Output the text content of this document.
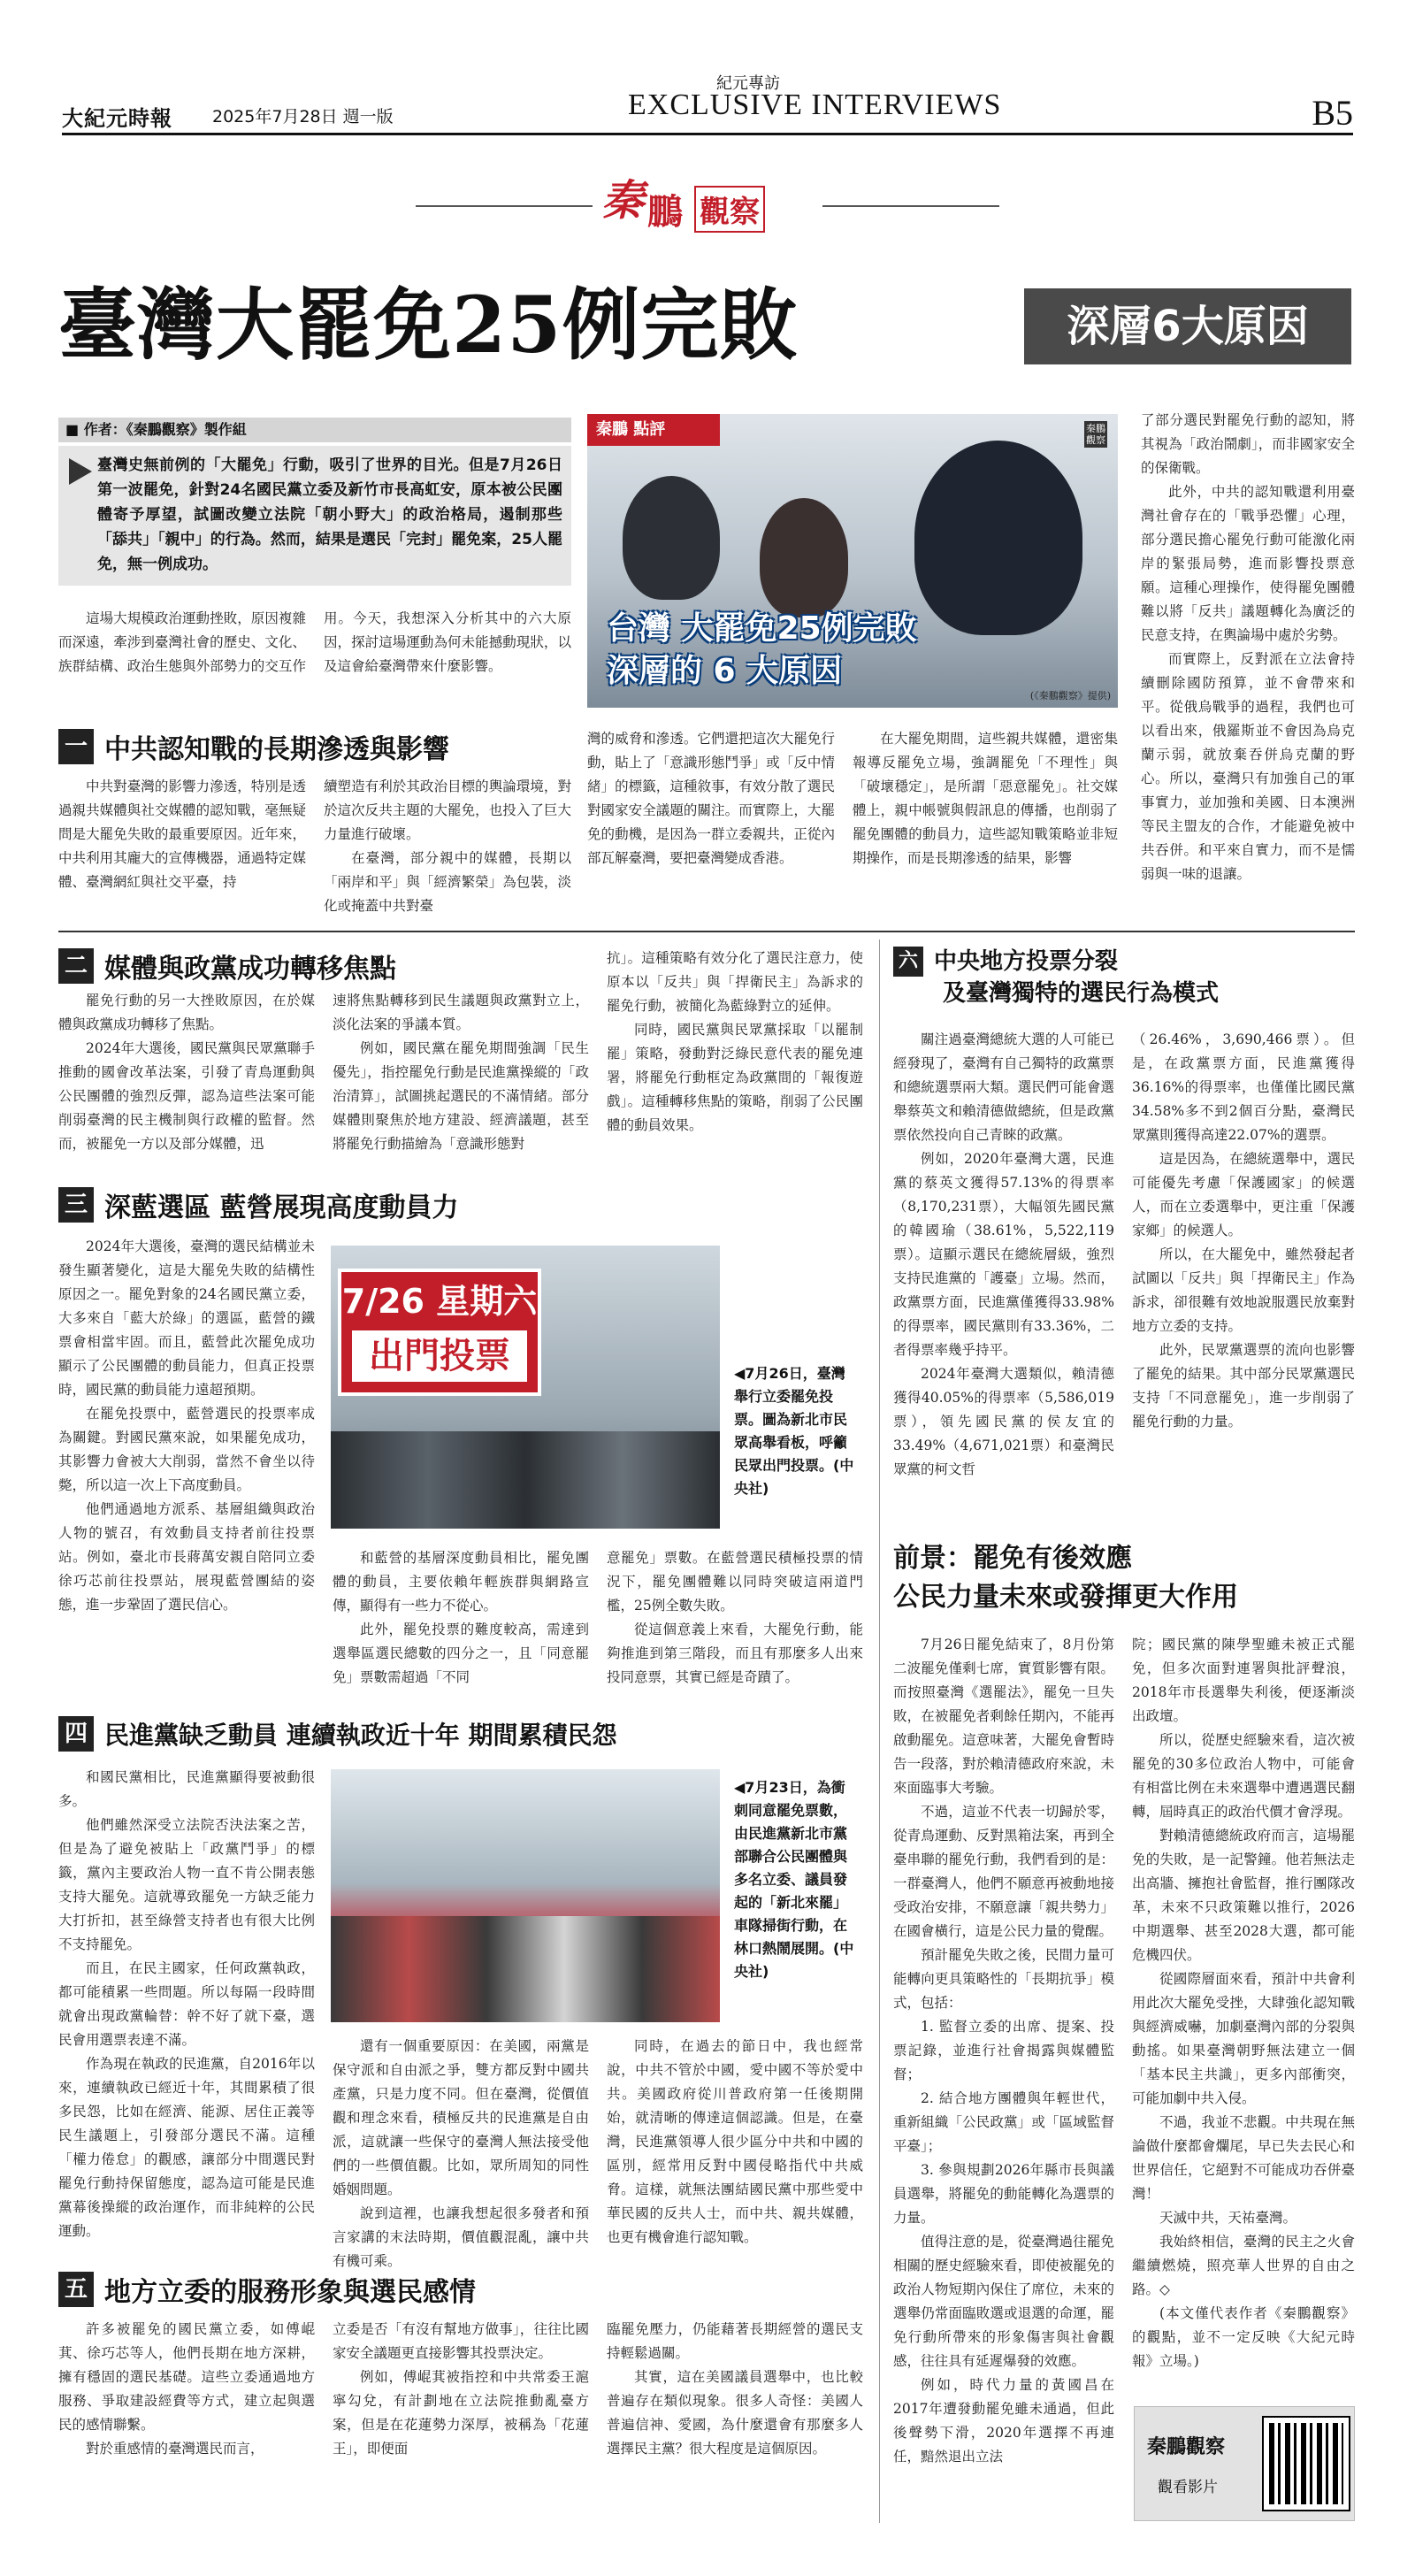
大紀元時報 2025年7月28日 週一版
紀元專訪
EXCLUSIVE INTERVIEWS	B5
秦 鵬 觀察
臺灣大罷免25例完敗	深層6大原因
■ 作者：《秦鵬觀察》製作組
臺灣史無前例的「大罷免」行動，吸引了世界的目光。但是7月26日第一波罷免，針對24名國民黨立委及新竹市長高虹安，原本被公民團體寄予厚望，試圖改變立法院「朝小野大」的政治格局，遏制那些「舔共」「親中」的行為。然而，結果是選民「完封」罷免案，25人罷免，無一例成功。

這場大規模政治運動挫敗，原因複雜而深遠，牽涉到臺灣社會的歷史、文化、族群結構、政治生態與外部勢力的交互作用。今天，我想深入分析其中的六大原因，探討這場運動為何未能撼動現狀，以及這會給臺灣帶來什麼影響。

秦鵬 點評	秦鵬觀察
台灣 大罷免25例完敗
深層的 6 大原因
(《秦鵬觀察》提供)

了部分選民對罷免行動的認知，將其視為「政治鬧劇」，而非國家安全的保衛戰。

此外，中共的認知戰還利用臺灣社會存在的「戰爭恐懼」心理，部分選民擔心罷免行動可能激化兩岸的緊張局勢，進而影響投票意願。這種心理操作，使得罷免團體難以將「反共」議題轉化為廣泛的民意支持，在輿論場中處於劣勢。

而實際上，反對派在立法會持續刪除國防預算，並不會帶來和平。從俄烏戰爭的過程，我們也可以看出來，俄羅斯並不會因為烏克蘭示弱，就放棄吞併烏克蘭的野心。所以，臺灣只有加強自己的軍事實力，並加強和美國、日本澳洲等民主盟友的合作，才能避免被中共吞併。和平來自實力，而不是懦弱與一味的退讓。

一 中共認知戰的長期滲透與影響

中共對臺灣的影響力滲透，特別是透過親共媒體與社交媒體的認知戰，毫無疑問是大罷免失敗的最重要原因。近年來，中共利用其龐大的宣傳機器，通過特定媒體、臺灣網紅與社交平臺，持

續塑造有利於其政治目標的輿論環境，對於這次反共主題的大罷免，也投入了巨大力量進行破壞。

在臺灣，部分親中的媒體，長期以「兩岸和平」與「經濟繁榮」為包裝，淡化或掩蓋中共對臺

灣的威脅和滲透。它們還把這次大罷免行動，貼上了「意識形態鬥爭」或「反中情緒」的標籤，這種敘事，有效分散了選民對國家安全議題的關注。而實際上，大罷免的動機，是因為一群立委親共，正從內部瓦解臺灣，要把臺灣變成香港。

在大罷免期間，這些親共媒體，還密集報導反罷免立場，強調罷免「不理性」與「破壞穩定」，是所謂「惡意罷免」。社交媒體上，親中帳號與假訊息的傳播，也削弱了罷免團體的動員力，這些認知戰策略並非短期操作，而是長期滲透的結果，影響

二 媒體與政黨成功轉移焦點

罷免行動的另一大挫敗原因，在於媒體與政黨成功轉移了焦點。

2024年大選後，國民黨與民眾黨聯手推動的國會改革法案，引發了青鳥運動與公民團體的強烈反彈，認為這些法案可能削弱臺灣的民主機制與行政權的監督。然而，被罷免一方以及部分媒體，迅

速將焦點轉移到民生議題與政黨對立上，淡化法案的爭議本質。

例如，國民黨在罷免期間強調「民生優先」，指控罷免行動是民進黨操縱的「政治清算」，試圖挑起選民的不滿情緒。部分媒體則聚焦於地方建設、經濟議題，甚至將罷免行動描繪為「意識形態對

抗」。這種策略有效分化了選民注意力，使原本以「反共」與「捍衛民主」為訴求的罷免行動，被簡化為藍綠對立的延伸。

同時，國民黨與民眾黨採取「以罷制罷」策略，發動對泛綠民意代表的罷免連署，將罷免行動框定為政黨間的「報復遊戲」。這種轉移焦點的策略，削弱了公民團體的動員效果。

三 深藍選區 藍營展現高度動員力

2024年大選後，臺灣的選民結構並未發生顯著變化，這是大罷免失敗的結構性原因之一。罷免對象的24名國民黨立委，大多來自「藍大於綠」的選區，藍營的鐵票會相當牢固。而且，藍營此次罷免成功顯示了公民團體的動員能力，但真正投票時，國民黨的動員能力遠超預期。

在罷免投票中，藍營選民的投票率成為關鍵。對國民黨來說，如果罷免成功，其影響力會被大大削弱，當然不會坐以待斃，所以這一次上下高度動員。

他們通過地方派系、基層組織與政治人物的號召，有效動員支持者前往投票站。例如，臺北市長蔣萬安親自陪同立委徐巧芯前往投票站，展現藍營團結的姿態，進一步鞏固了選民信心。

7/26 星期六
出門投票	◀7月26日，臺灣舉行立委罷免投票。圖為新北市民眾高舉看板，呼籲民眾出門投票。(中央社)

和藍營的基層深度動員相比，罷免團體的動員，主要依賴年輕族群與網路宣傳，顯得有一些力不從心。

此外，罷免投票的難度較高，需達到選舉區選民總數的四分之一，且「同意罷免」票數需超過「不同

意罷免」票數。在藍營選民積極投票的情況下，罷免團體難以同時突破這兩道門檻，25例全數失敗。

從這個意義上來看，大罷免行動，能夠推進到第三階段，而且有那麼多人出來投同意票，其實已經是奇蹟了。

四 民進黨缺乏動員 連續執政近十年 期間累積民怨

和國民黨相比，民進黨顯得要被動很多。

他們雖然深受立法院否決法案之苦，但是為了避免被貼上「政黨鬥爭」的標籤，黨內主要政治人物一直不肯公開表態支持大罷免。這就導致罷免一方缺乏能力大打折扣，甚至綠營支持者也有很大比例不支持罷免。

而且，在民主國家，任何政黨執政，都可能積累一些問題。所以每隔一段時間就會出現政黨輪替：幹不好了就下臺，選民會用選票表達不滿。

作為現在執政的民進黨，自2016年以來，連續執政已經近十年，其間累積了很多民怨，比如在經濟、能源、居住正義等民生議題上，引發部分選民不滿。這種「權力倦怠」的觀感，讓部分中間選民對罷免行動持保留態度，認為這可能是民進黨幕後操縱的政治運作，而非純粹的公民運動。

◀7月23日，為衝刺同意罷免票數，由民進黨新北市黨部聯合公民團體與多名立委、議員發起的「新北來罷」車隊掃街行動，在林口熱鬧展開。(中央社)

還有一個重要原因：在美國，兩黨是保守派和自由派之爭，雙方都反對中國共產黨，只是力度不同。但在臺灣，從價值觀和理念來看，積極反共的民進黨是自由派，這就讓一些保守的臺灣人無法接受他們的一些價值觀。比如，眾所周知的同性婚姻問題。

說到這裡，也讓我想起很多發者和預言家講的末法時期，價值觀混亂，讓中共有機可乘。

同時，在過去的節日中，我也經常說，中共不管於中國，愛中國不等於愛中共。美國政府從川普政府第一任後期開始，就清晰的傳達這個認識。但是，在臺灣，民進黨領導人很少區分中共和中國的區別，經常用反對中國侵略指代中共威脅。這樣，就無法團結國民黨中那些愛中華民國的反共人士，而中共、親共媒體，也更有機會進行認知戰。

五 地方立委的服務形象與選民感情

許多被罷免的國民黨立委，如傅崐萁、徐巧芯等人，他們長期在地方深耕，擁有穩固的選民基礎。這些立委通過地方服務、爭取建設經費等方式，建立起與選民的感情聯繫。

對於重感情的臺灣選民而言，

立委是否「有沒有幫地方做事」，往往比國家安全議題更直接影響其投票決定。

例如，傅崐萁被指控和中共常委王滬寧勾兌，有計劃地在立法院推動亂臺方案，但是在花蓮勢力深厚，被稱為「花蓮王」，即便面

臨罷免壓力，仍能藉著長期經營的選民支持輕鬆過關。

其實，這在美國議員選舉中，也比較普遍存在類似現象。很多人奇怪：美國人普遍信神、愛國，為什麼還會有那麼多人選擇民主黨？很大程度是這個原因。

六 中央地方投票分裂
及臺灣獨特的選民行為模式

關注過臺灣總統大選的人可能已經發現了，臺灣有自己獨特的政黨票和總統選票兩大類。選民們可能會選舉蔡英文和賴清德做總統，但是政黨票依然投向自己青睞的政黨。

例如，2020年臺灣大選，民進黨的蔡英文獲得57.13%的得票率（8,170,231票），大幅領先國民黨的韓國瑜（38.61%，5,522,119票）。這顯示選民在總統層級，強烈支持民進黨的「護臺」立場。然而，政黨票方面，民進黨僅獲得33.98%的得票率，國民黨則有33.36%，二者得票率幾乎持平。

2024年臺灣大選類似，賴清德獲得40.05%的得票率（5,586,019票），領先國民黨的侯友宜的33.49%（4,671,021票）和臺灣民眾黨的柯文哲

（26.46%，3,690,466票）。但是，在政黨票方面，民進黨獲得36.16%的得票率，也僅僅比國民黨34.58%多不到2個百分點，臺灣民眾黨則獲得高達22.07%的選票。

這是因為，在總統選舉中，選民可能優先考慮「保護國家」的候選人，而在立委選舉中，更注重「保護家鄉」的候選人。

所以，在大罷免中，雖然發起者試圖以「反共」與「捍衛民主」作為訴求，卻很難有效地說服選民放棄對地方立委的支持。

此外，民眾黨選票的流向也影響了罷免的結果。其中部分民眾黨選民支持「不同意罷免」，進一步削弱了罷免行動的力量。

前景：罷免有後效應
公民力量未來或發揮更大作用

7月26日罷免結束了，8月份第二波罷免僅剩七席，實質影響有限。而按照臺灣《選罷法》，罷免一旦失敗，在被罷免者剩餘任期內，不能再啟動罷免。這意味著，大罷免會暫時告一段落，對於賴清德政府來說，未來面臨事大考驗。

不過，這並不代表一切歸於零，從青鳥運動、反對黑箱法案，再到全臺串聯的罷免行動，我們看到的是：一群臺灣人，他們不願意再被動地接受政治安排，不願意讓「親共勢力」在國會橫行，這是公民力量的覺醒。

預計罷免失敗之後，民間力量可能轉向更具策略性的「長期抗爭」模式，包括：

1. 監督立委的出席、提案、投票記錄，並進行社會揭露與媒體監督；

2. 結合地方團體與年輕世代，重新組織「公民政黨」或「區域監督平臺」；

3. 參與規劃2026年縣市長與議員選舉，將罷免的動能轉化為選票的力量。

值得注意的是，從臺灣過往罷免相關的歷史經驗來看，即使被罷免的政治人物短期內保住了席位，未來的選舉仍常面臨敗選或退選的命運，罷免行動所帶來的形象傷害與社會觀感，往往具有延遲爆發的效應。

例如，時代力量的黃國昌在2017年遭發動罷免雖未通過，但此後聲勢下滑，2020年選擇不再連任，黯然退出立法

院；國民黨的陳學聖雖未被正式罷免，但多次面對連署與批評聲浪，2018年市長選舉失利後，便逐漸淡出政壇。

所以，從歷史經驗來看，這次被罷免的30多位政治人物中，可能會有相當比例在未來選舉中遭遇選民翻轉，屆時真正的政治代價才會浮現。

對賴清德總統政府而言，這場罷免的失敗，是一記警鐘。他若無法走出高牆、擁抱社會監督，推行團隊改革，未來不只政策難以推行，2026中期選舉、甚至2028大選，都可能危機四伏。

從國際層面來看，預計中共會利用此次大罷免受挫，大肆強化認知戰與經濟威嚇，加劇臺灣內部的分裂與動搖。如果臺灣朝野無法建立一個「基本民主共識」，更多內部衝突，可能加劇中共入侵。

不過，我並不悲觀。中共現在無論做什麼都會爛尾，早已失去民心和世界信任，它絕對不可能成功吞併臺灣！

天滅中共，天祐臺灣。

我始終相信，臺灣的民主之火會繼續燃燒，照亮華人世界的自由之路。◇

(本文僅代表作者《秦鵬觀察》的觀點，並不一定反映《大紀元時報》立場。)

秦鵬觀察
觀看影片
